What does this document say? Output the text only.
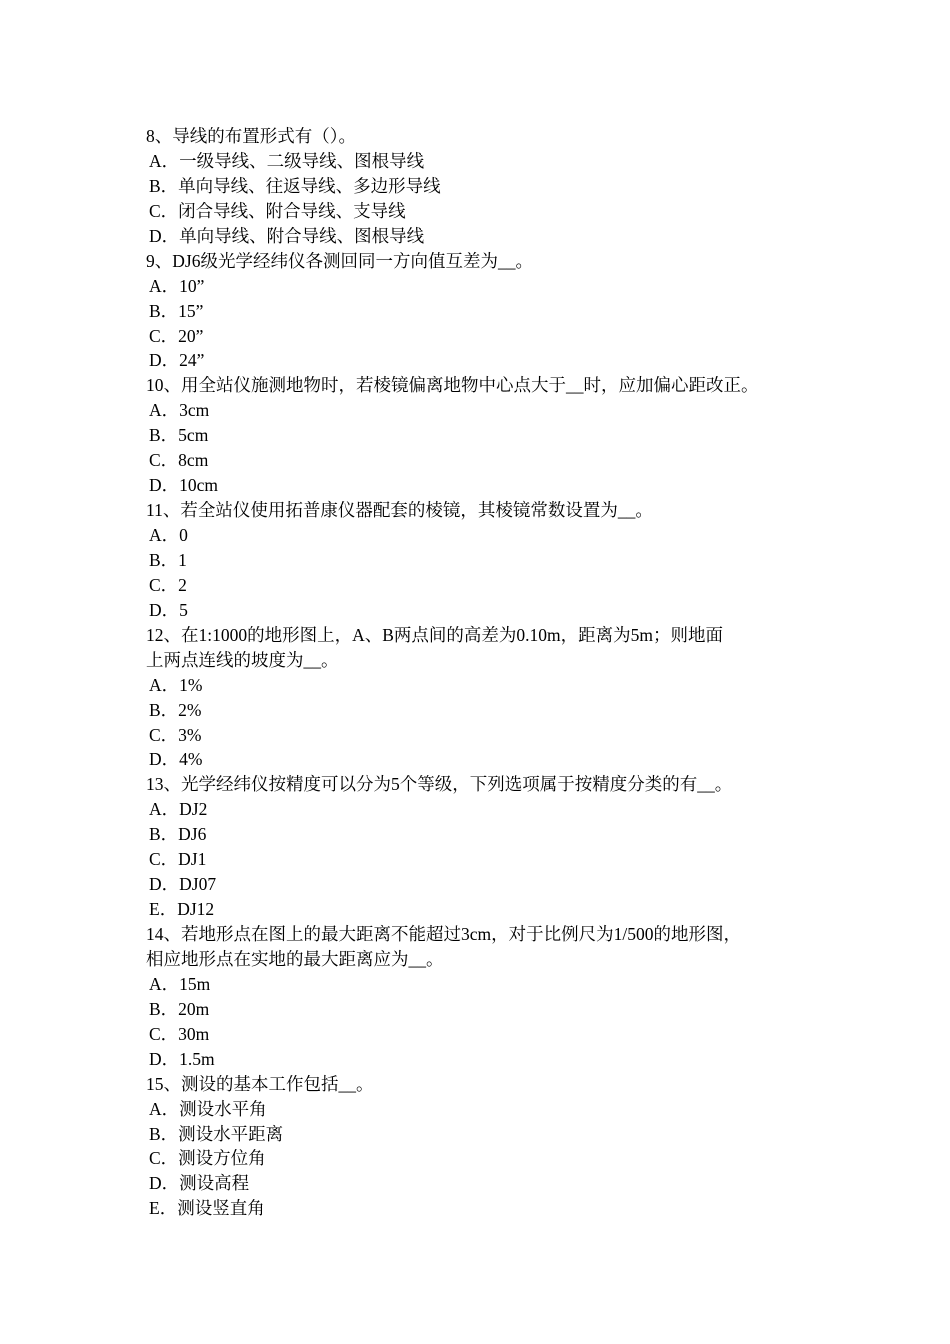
8、导线的布置形式有（）。
A．一级导线、二级导线、图根导线
B．单向导线、往返导线、多边形导线
C．闭合导线、附合导线、支导线
D．单向导线、附合导线、图根导线
9、DJ6级光学经纬仪各测回同一方向值互差为__。
A．10”
B．15”
C．20”
D．24”
10、用全站仪施测地物时，若棱镜偏离地物中心点大于__时，应加偏心距改正。
A．3cm
B．5cm
C．8cm
D．10cm
11、若全站仪使用拓普康仪器配套的棱镜，其棱镜常数设置为__。
A．0
B．1
C．2
D．5
12、在1:1000的地形图上，A、B两点间的高差为0.10m，距离为5m；则地面
上两点连线的坡度为__。
A．1%
B．2%
C．3%
D．4%
13、光学经纬仪按精度可以分为5个等级，下列选项属于按精度分类的有__。
A．DJ2
B．DJ6
C．DJ1
D．DJ07
E．DJ12
14、若地形点在图上的最大距离不能超过3cm，对于比例尺为1/500的地形图，
相应地形点在实地的最大距离应为__。
A．15m
B．20m
C．30m
D．1.5m
15、测设的基本工作包括__。
A．测设水平角
B．测设水平距离
C．测设方位角
D．测设高程
E．测设竖直角
